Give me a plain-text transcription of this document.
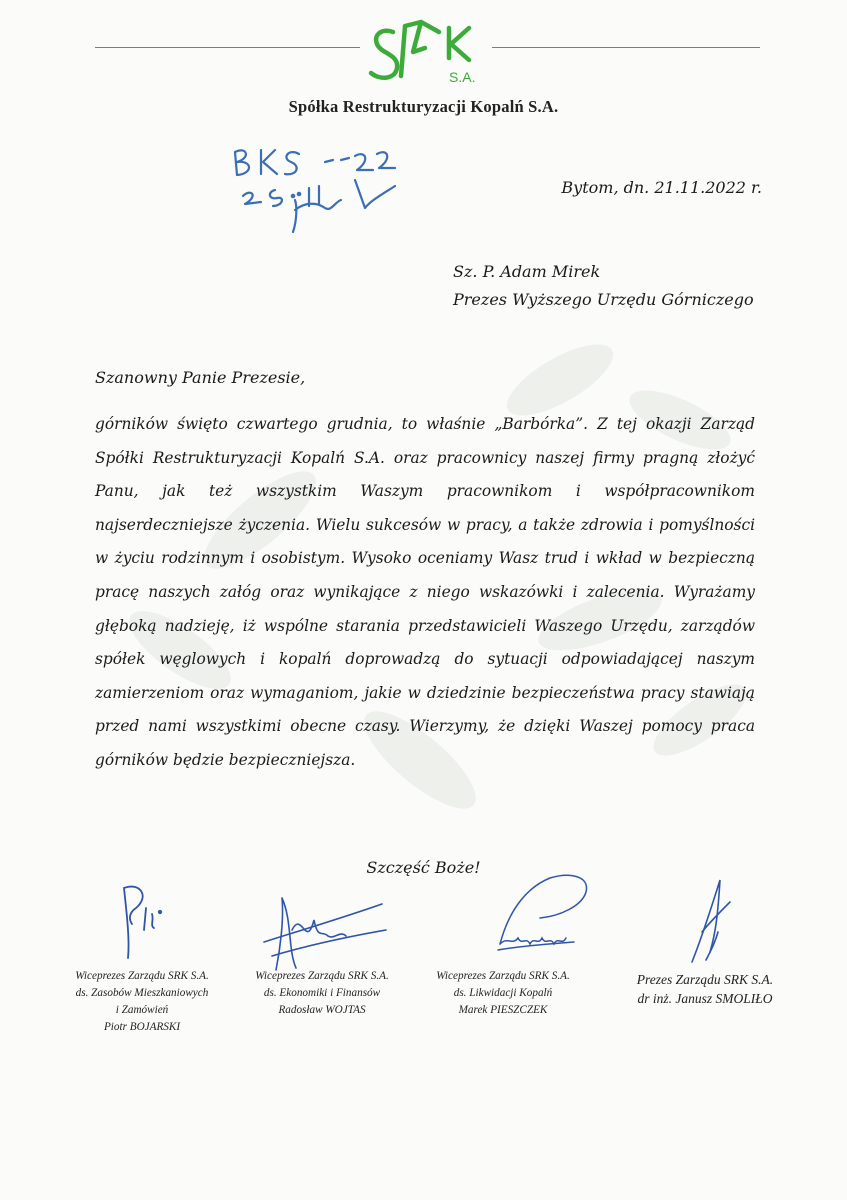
S.A.
Spółka Restrukturyzacji Kopalń S.A.
Bytom, dn. 21.11.2022 r.
Sz. P. Adam Mirek
Prezes Wyższego Urzędu Górniczego
Szanowny Panie Prezesie,
górników święto czwartego grudnia, to właśnie „Barbórka”. Z tej okazji Zarząd Spółki Restrukturyzacji Kopalń S.A. oraz pracownicy naszej firmy pragną złożyć Panu, jak też wszystkim Waszym pracownikom i współpracownikom najserdeczniejsze życzenia. Wielu sukcesów w pracy, a także zdrowia i pomyślności w życiu rodzinnym i osobistym. Wysoko oceniamy Wasz trud i wkład w bezpieczną pracę naszych załóg oraz wynikające z niego wskazówki i zalecenia. Wyrażamy głęboką nadzieję, iż wspólne starania przedstawicieli Waszego Urzędu, zarządów spółek węglowych i kopalń doprowadzą do sytuacji odpowiadającej naszym zamierzeniom oraz wymaganiom, jakie w dziedzinie bezpieczeństwa pracy stawiają przed nami wszystkimi obecne czasy. Wierzymy, że dzięki Waszej pomocy praca górników będzie bezpieczniejsza.
Szczęść Boże!
Wiceprezes Zarządu SRK S.A.
ds. Zasobów Mieszkaniowych
i Zamówień
Piotr BOJARSKI
Wiceprezes Zarządu SRK S.A.
ds. Ekonomiki i Finansów
Radosław WOJTAS
Wiceprezes Zarządu SRK S.A.
ds. Likwidacji Kopalń
Marek PIESZCZEK
Prezes Zarządu SRK S.A.
dr inż. Janusz SMOLIŁO
